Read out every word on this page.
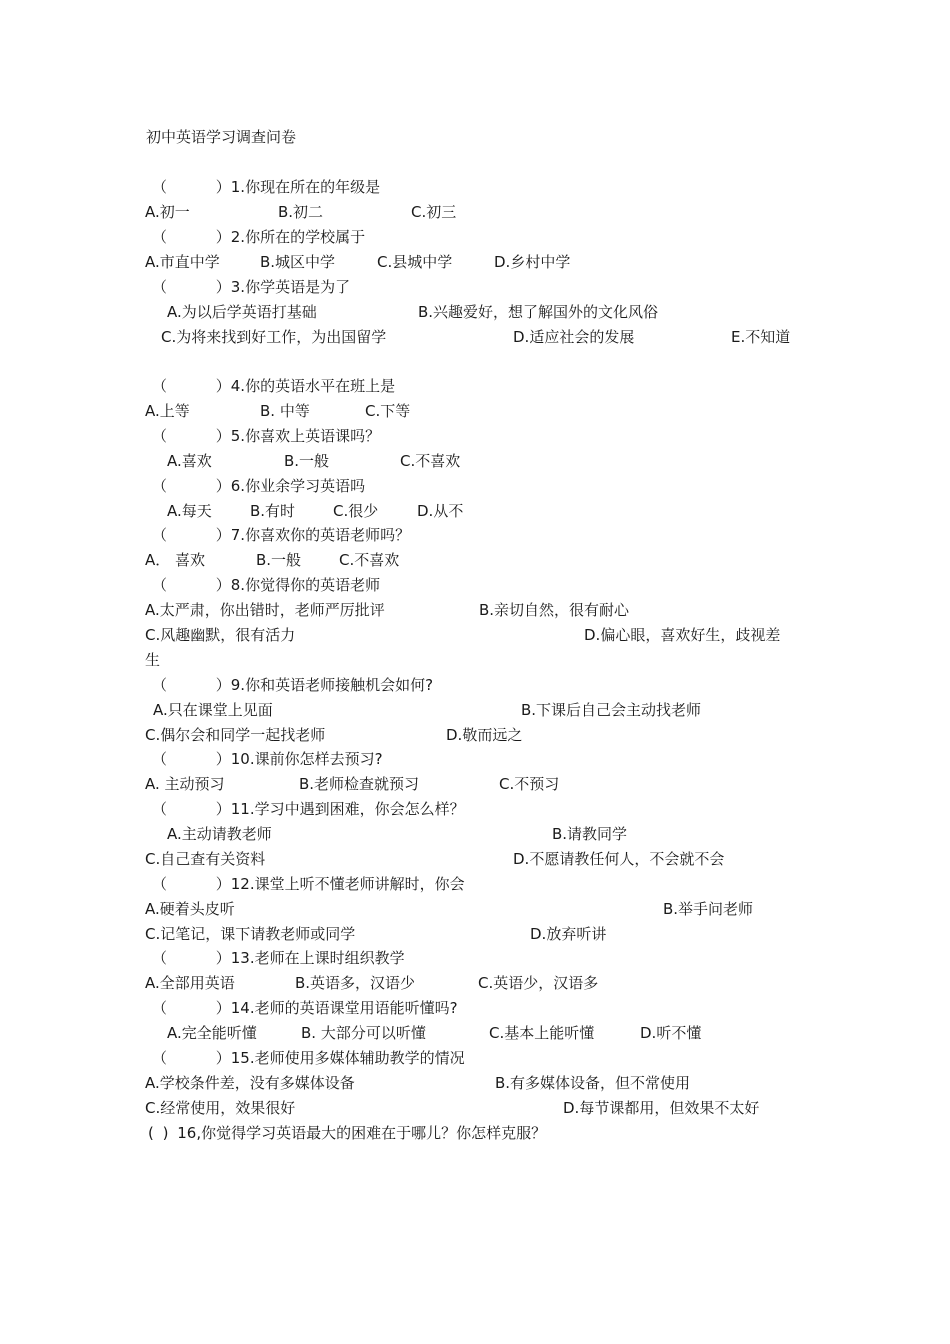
初中英语学习调查问卷
（ ）1.你现在所在的年级是
A.初一	B.初二	C.初三
（ ）2.你所在的学校属于
A.市直中学	B.城区中学	C.县城中学	D.乡村中学
（ ）3.你学英语是为了
A.为以后学英语打基础	B.兴趣爱好，想了解国外的文化风俗
C.为将来找到好工作，为出国留学	D.适应社会的发展	E.不知道
（ ）4.你的英语水平在班上是
A.上等	B. 中等	C.下等
（ ）5.你喜欢上英语课吗？
A.喜欢	B.一般	C.不喜欢
（ ）6.你业余学习英语吗
A.每天	B.有时	C.很少	D.从不
（ ）7.你喜欢你的英语老师吗？
A． 喜欢	B.一般	C.不喜欢
（ ）8.你觉得你的英语老师
A.太严肃，你出错时，老师严厉批评	B.亲切自然，很有耐心
C.风趣幽默，很有活力	D.偏心眼，喜欢好生，歧视差
生
（ ）9.你和英语老师接触机会如何?
A.只在课堂上见面	B.下课后自己会主动找老师
C.偶尔会和同学一起找老师	D.敬而远之
（ ）10.课前你怎样去预习?
A. 主动预习	B.老师检查就预习	C.不预习
（ ）11.学习中遇到困难，你会怎么样？
A.主动请教老师	B.请教同学
C.自己查有关资料	D.不愿请教任何人，不会就不会
（ ）12.课堂上听不懂老师讲解时，你会
A.硬着头皮听	B.举手问老师
C.记笔记，课下请教老师或同学	D.放弃听讲
（ ）13.老师在上课时组织教学
A.全部用英语	B.英语多，汉语少	C.英语少，汉语多
（ ）14.老师的英语课堂用语能听懂吗?
A.完全能听懂	B. 大部分可以听懂	C.基本上能听懂	D.听不懂
（ ）15.老师使用多媒体辅助教学的情况
A.学校条件差，没有多媒体设备	B.有多媒体设备，但不常使用
C.经常使用，效果很好	D.每节课都用，但效果不太好
( ) 16,你觉得学习英语最大的困难在于哪儿？你怎样克服？
